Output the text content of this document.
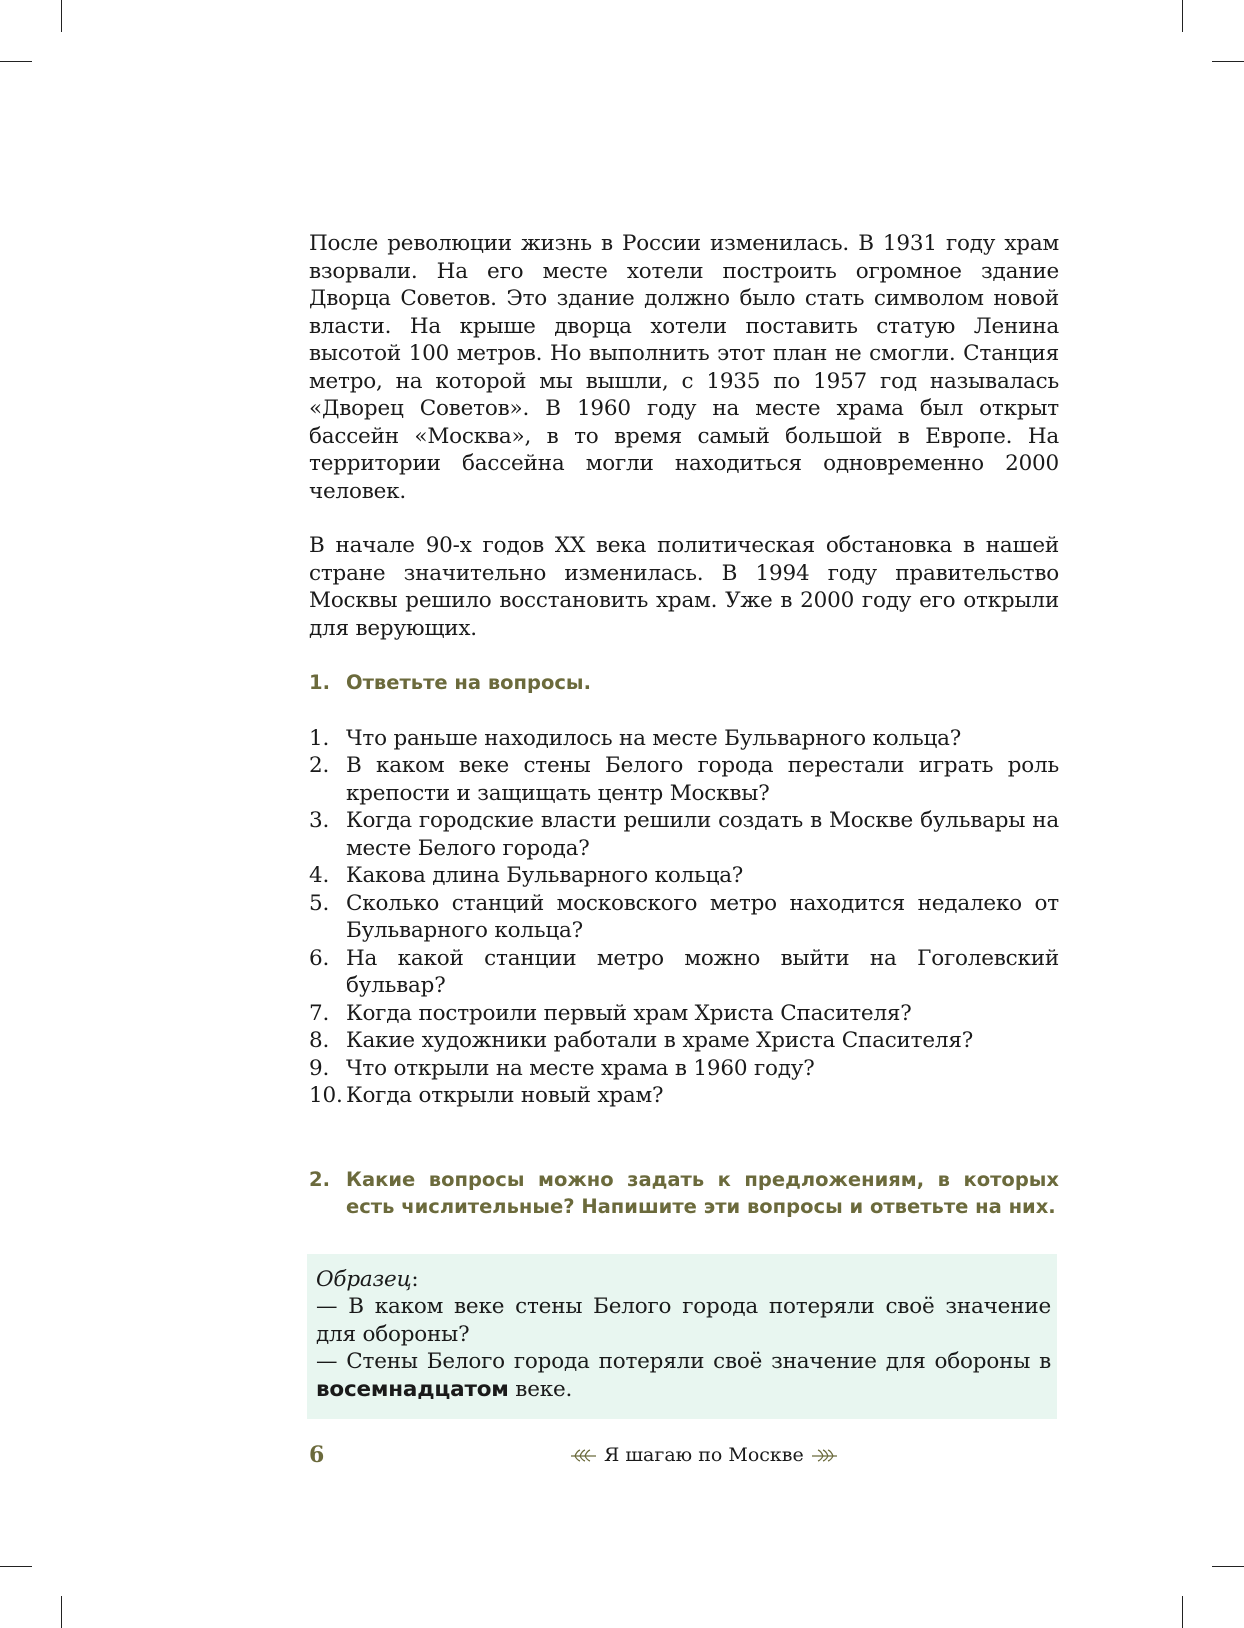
После революции жизнь в России изменилась. В 1931 году храм взорвали. На его месте хотели построить огромное здание Дворца Советов. Это здание должно было стать символом новой власти. На крыше дворца хотели поставить статую Ленина высотой 100 метров. Но выполнить этот план не смогли. Станция метро, на которой мы вышли, с 1935 по 1957 год называлась «Дворец Советов». В 1960 году на месте храма был открыт бассейн «Москва», в то время самый большой в Европе. На территории бассейна могли находиться одновременно 2000 человек.

В начале 90-х годов XX века политическая обстановка в нашей стране значительно изменилась. В 1994 году правительство Москвы решило восстановить храм. Уже в 2000 году его открыли для верующих.

1. Ответьте на вопросы.
1. Что раньше находилось на месте Бульварного кольца?
2. В каком веке стены Белого города перестали играть роль крепости и защищать центр Москвы?
3. Когда городские власти решили создать в Москве бульвары на месте Белого города?
4. Какова длина Бульварного кольца?
5. Сколько станций московского метро находится недалеко от Бульварного кольца?
6. На какой станции метро можно выйти на Гоголевский бульвар?
7. Когда построили первый храм Христа Спасителя?
8. Какие художники работали в храме Христа Спасителя?
9. Что открыли на месте храма в 1960 году?
10. Когда открыли новый храм?
2. Какие вопросы можно задать к предложениям, в которых есть числительные? Напишите эти вопросы и ответьте на них.
Образец:
— В каком веке стены Белого города потеряли своё значение для обороны?
— Стены Белого города потеряли своё значение для обороны в восемнадцатом веке.
6	Я шагаю по Москве
